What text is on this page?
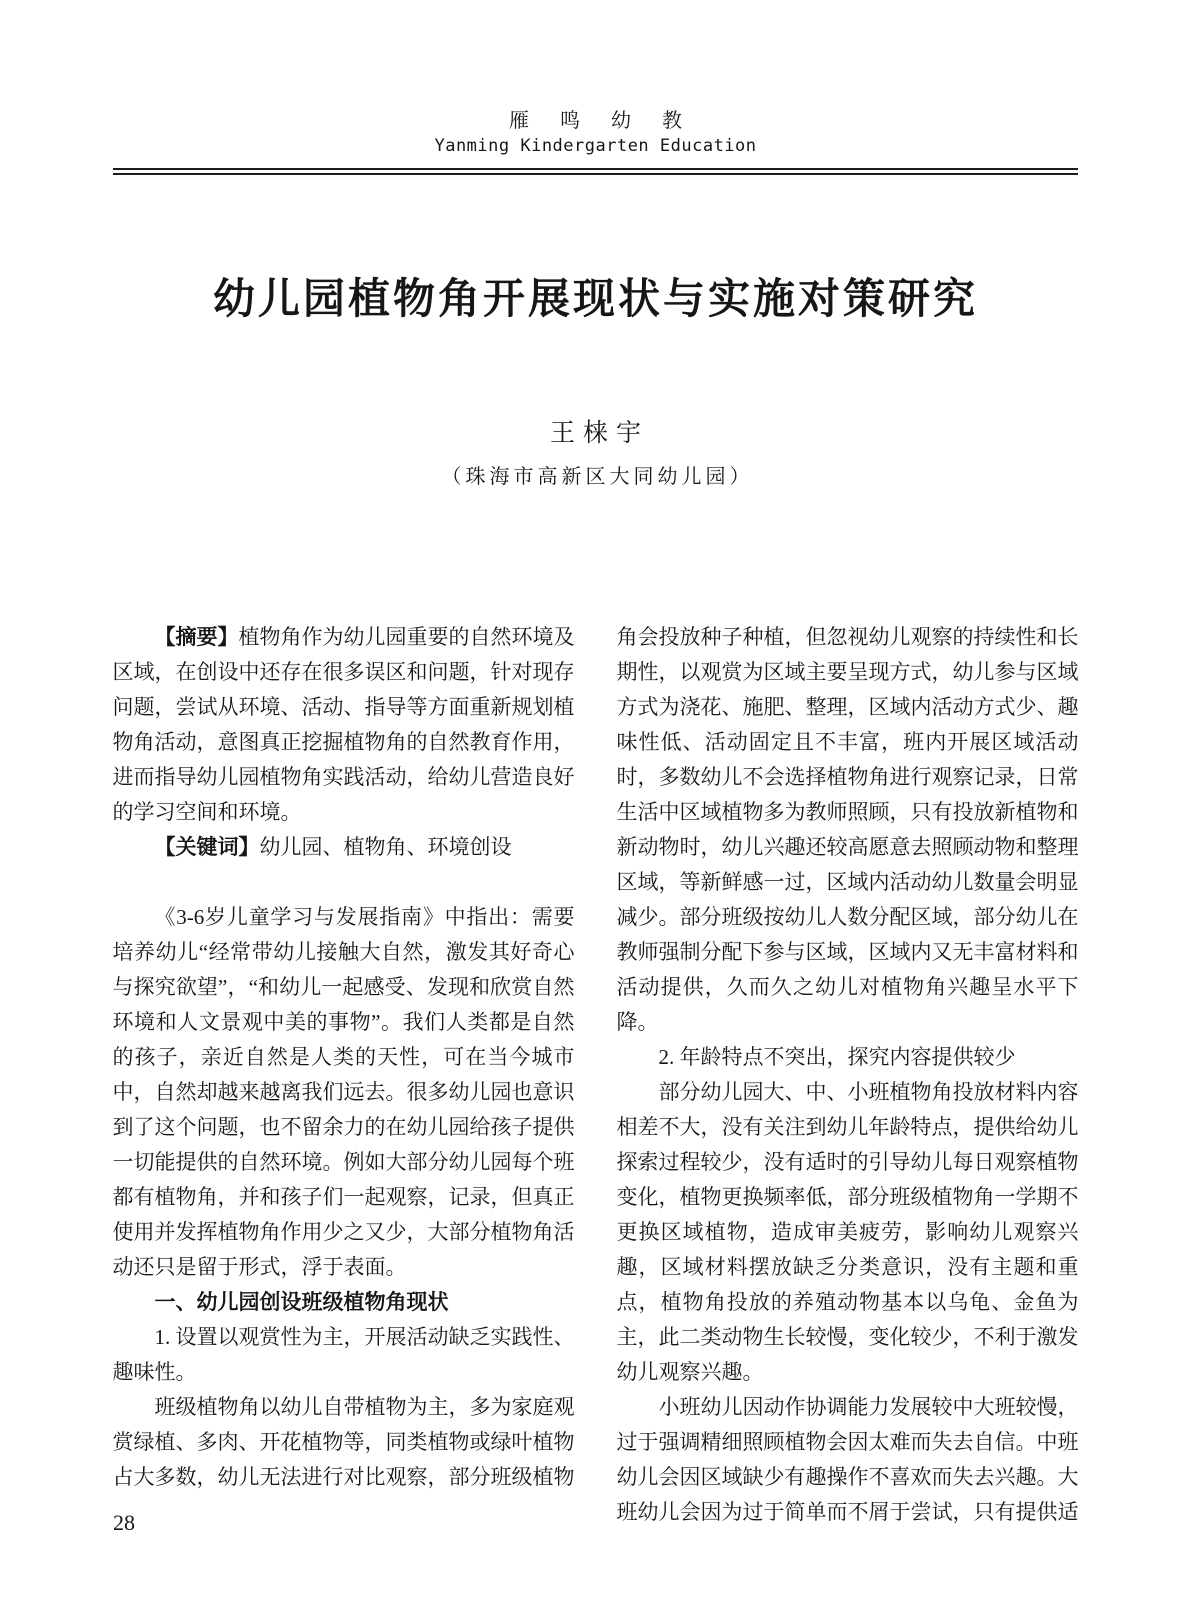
雁 鸣 幼 教
Yanming Kindergarten Education
幼儿园植物角开展现状与实施对策研究
王梾宇
（珠海市高新区大同幼儿园）

【摘要】植物角作为幼儿园重要的自然环境及区域，在创设中还存在很多误区和问题，针对现存问题，尝试从环境、活动、指导等方面重新规划植物角活动，意图真正挖掘植物角的自然教育作用，进而指导幼儿园植物角实践活动，给幼儿营造良好的学习空间和环境。

【关键词】幼儿园、植物角、环境创设

《3-6岁儿童学习与发展指南》中指出：需要培养幼儿“经常带幼儿接触大自然，激发其好奇心与探究欲望”，“和幼儿一起感受、发现和欣赏自然环境和人文景观中美的事物”。我们人类都是自然的孩子，亲近自然是人类的天性，可在当今城市中，自然却越来越离我们远去。很多幼儿园也意识到了这个问题，也不留余力的在幼儿园给孩子提供一切能提供的自然环境。例如大部分幼儿园每个班都有植物角，并和孩子们一起观察，记录，但真正使用并发挥植物角作用少之又少，大部分植物角活动还只是留于形式，浮于表面。

一、幼儿园创设班级植物角现状

1. 设置以观赏性为主，开展活动缺乏实践性、趣味性。

班级植物角以幼儿自带植物为主，多为家庭观赏绿植、多肉、开花植物等，同类植物或绿叶植物占大多数，幼儿无法进行对比观察，部分班级植物

角会投放种子种植，但忽视幼儿观察的持续性和长期性，以观赏为区域主要呈现方式，幼儿参与区域方式为浇花、施肥、整理，区域内活动方式少、趣味性低、活动固定且不丰富，班内开展区域活动时，多数幼儿不会选择植物角进行观察记录，日常生活中区域植物多为教师照顾，只有投放新植物和新动物时，幼儿兴趣还较高愿意去照顾动物和整理区域，等新鲜感一过，区域内活动幼儿数量会明显减少。部分班级按幼儿人数分配区域，部分幼儿在教师强制分配下参与区域，区域内又无丰富材料和活动提供，久而久之幼儿对植物角兴趣呈水平下降。

2. 年龄特点不突出，探究内容提供较少

部分幼儿园大、中、小班植物角投放材料内容相差不大，没有关注到幼儿年龄特点，提供给幼儿探索过程较少，没有适时的引导幼儿每日观察植物变化，植物更换频率低，部分班级植物角一学期不更换区域植物，造成审美疲劳，影响幼儿观察兴趣，区域材料摆放缺乏分类意识，没有主题和重点，植物角投放的养殖动物基本以乌龟、金鱼为主，此二类动物生长较慢，变化较少，不利于激发幼儿观察兴趣。

小班幼儿因动作协调能力发展较中大班较慢，过于强调精细照顾植物会因太难而失去自信。中班幼儿会因区域缺少有趣操作不喜欢而失去兴趣。大班幼儿会因为过于简单而不屑于尝试，只有提供适

28
